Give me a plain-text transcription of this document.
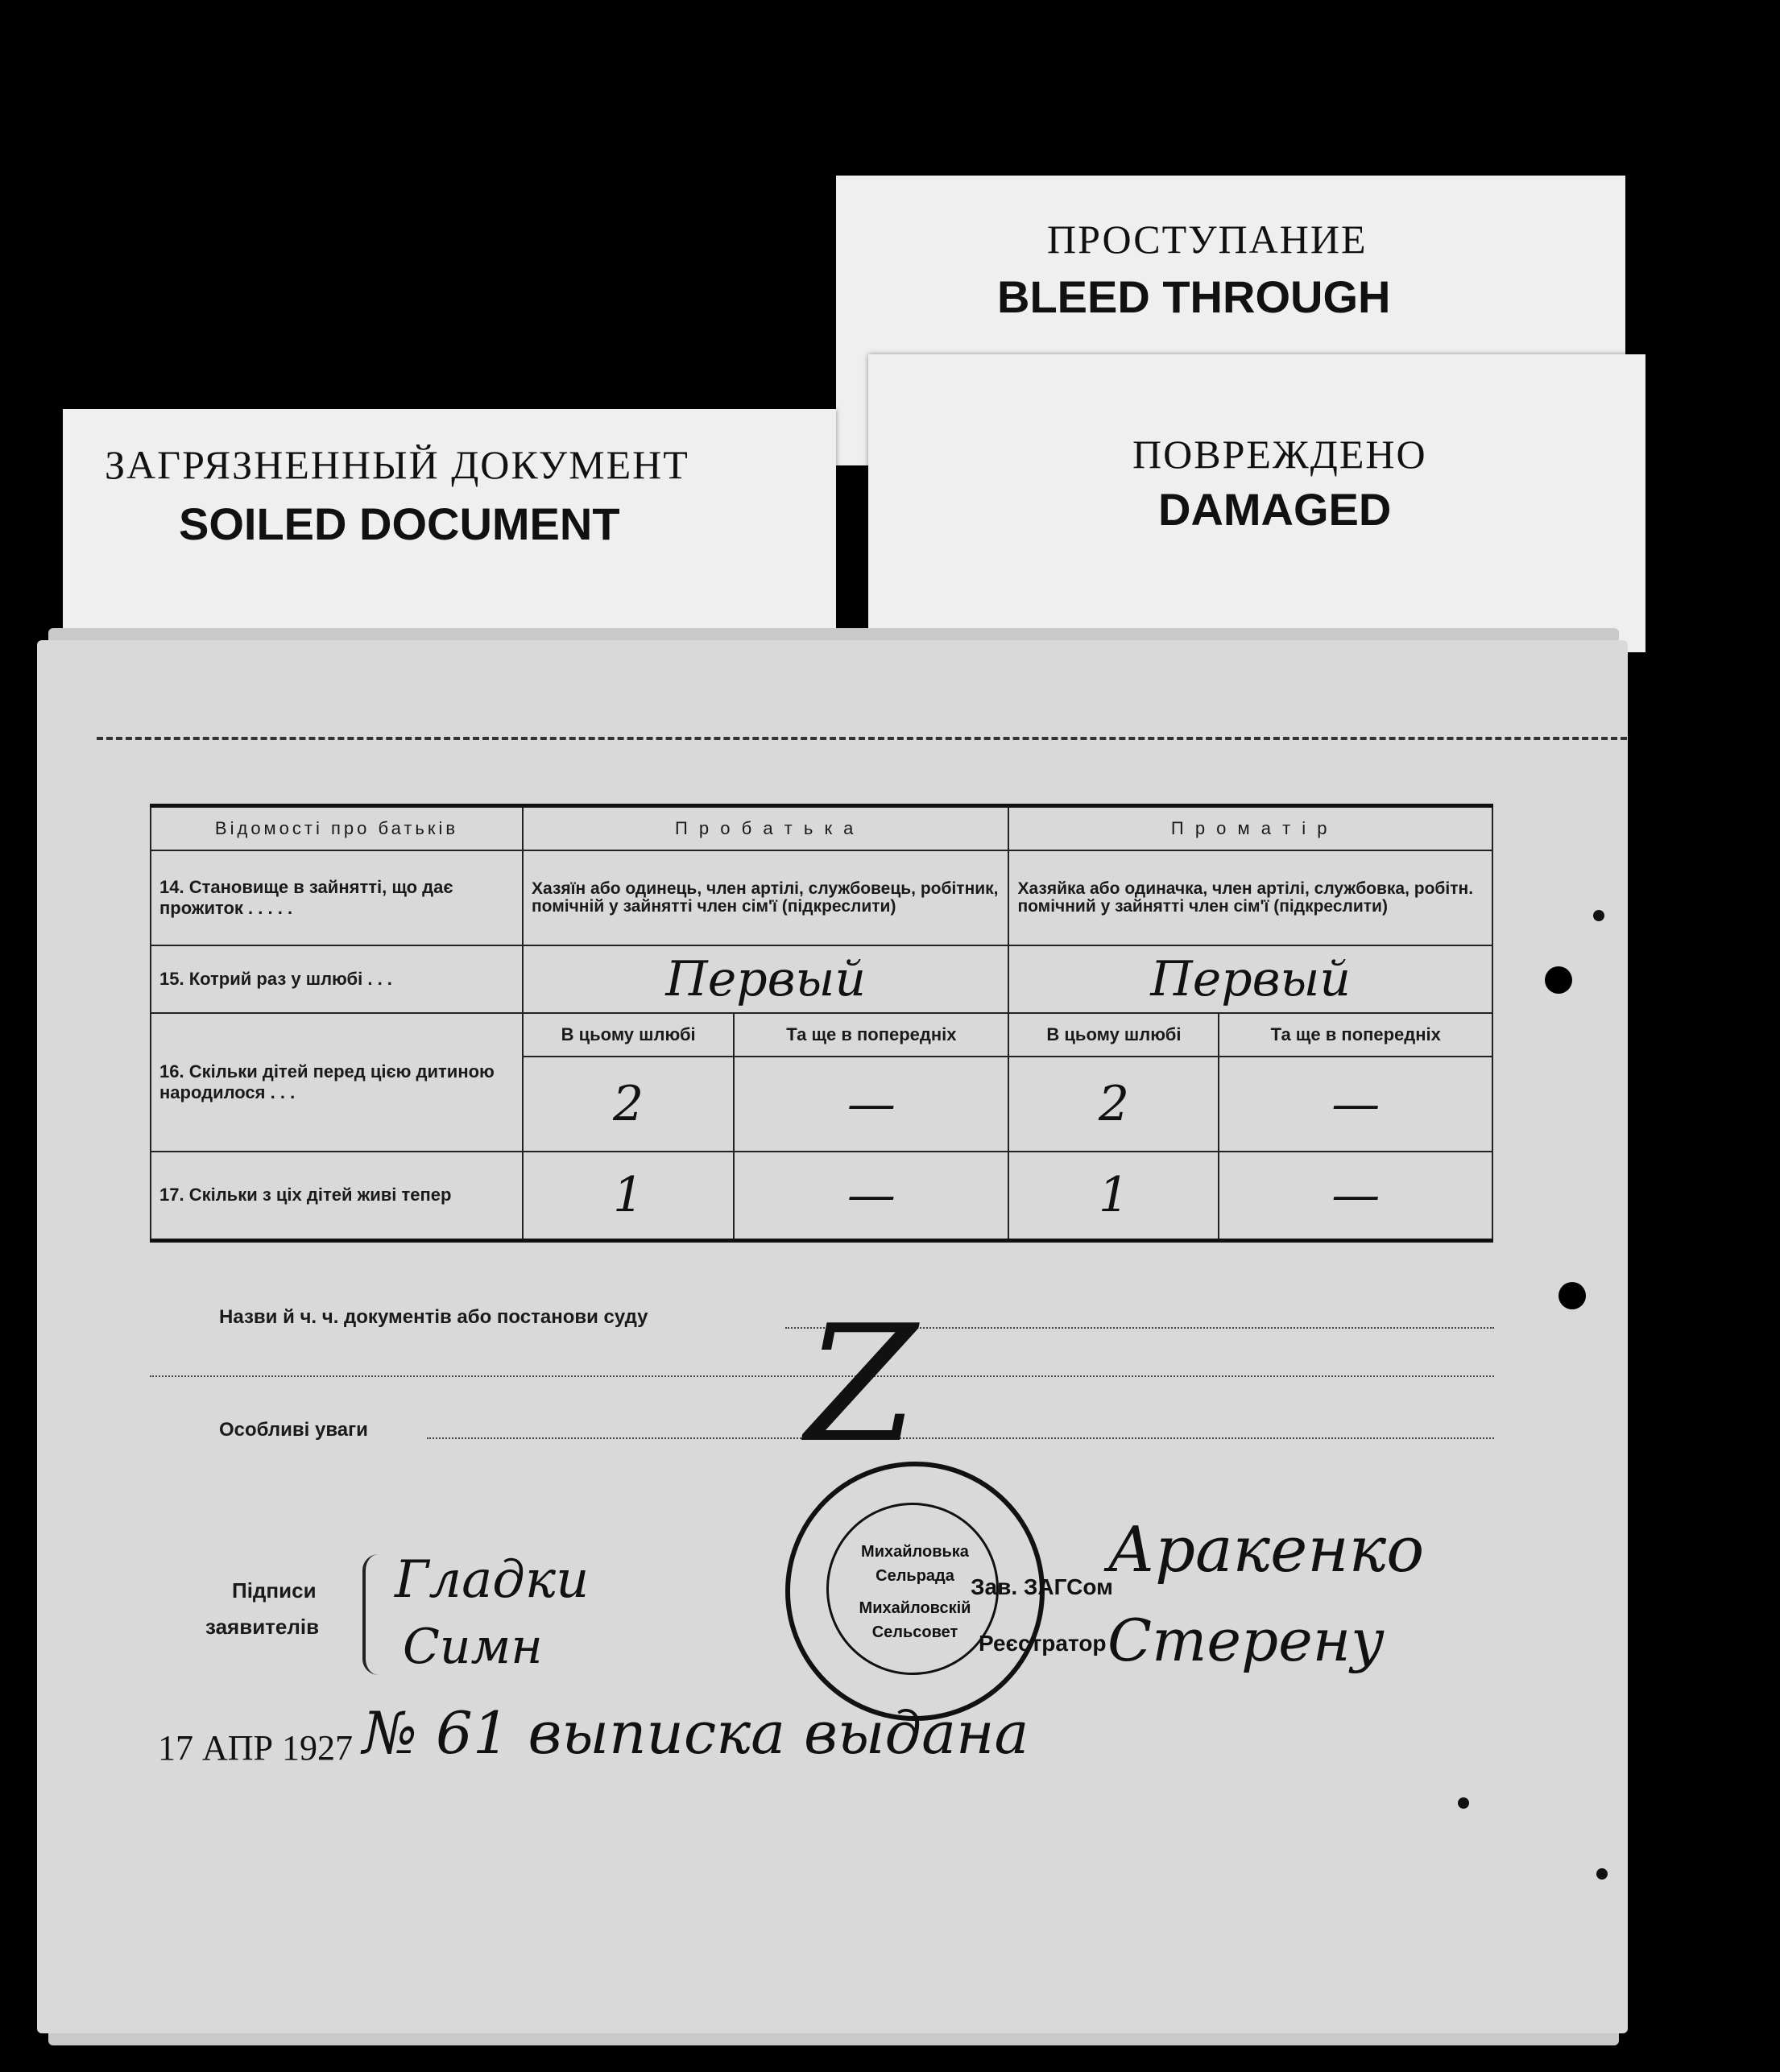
ПРОСТУПАНИЕ
BLEED THROUGH
ПОВРЕЖДЕНО
DAMAGED
ЗАГРЯЗНЕННЫЙ ДОКУМЕНТ
SOILED DOCUMENT
Відомості про батьків	П р о б а т ь к а		П р о м а т і р	
14. Становище в зайнятті, що дає прожиток . . . . .	Хазяїн або одинець, член артілі, службовець, робітник, помічній у зайнятті член сім'ї (підкреслити)		Хазяйка або одиначка, член артілі, службовка, робітн. помічний у зайнятті член сім'ї (підкреслити)	
15. Котрий раз у шлюбі . . .	Первый		Первый	
16. Скільки дітей перед цією дитиною народилося . . .	В цьому шлюбі	Та ще в попередніх	В цьому шлюбі	Та ще в попередніх
	2	—	2	—
17. Скільки з ціх дітей живі тепер	1	—	1	—
Назви й ч. ч. документів або постанови суду
Особливі уваги	Z
Підписи
заявителів
Гладки
Симн
Михайловька
Сельрада
Михайловскій
Сельсовет
Зав. ЗАГСом
Реєстратор
Аракенко
Стерену
17 АПР 1927 № 61 выписка выдана
